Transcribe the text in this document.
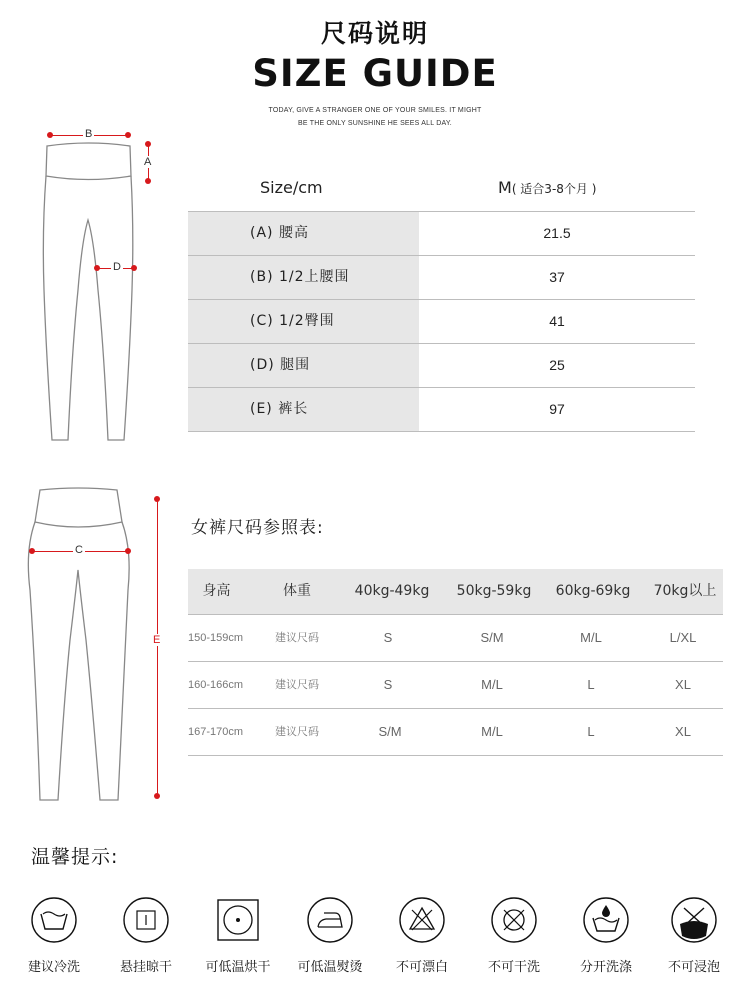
尺码说明
SIZE GUIDE
TODAY, GIVE A STRANGER ONE OF YOUR SMILES. IT MIGHT
BE THE ONLY SUNSHINE HE SEES ALL DAY.
B
A
D
Size/cm	M( 适合3-8个月 )
(A) 腰高	21.5
(B) 1/2上腰围	37
(C) 1/2臀围	41
(D) 腿围	25
(E) 裤长	97
C
E
女裤尺码参照表:
身高	体重	40kg-49kg	50kg-59kg	60kg-69kg	70kg以上
150-159cm	建议尺码	S	S/M	M/L	L/XL
160-166cm	建议尺码	S	M/L	L	XL
167-170cm	建议尺码	S/M	M/L	L	XL
温馨提示:
建议冷洗	悬挂晾干	可低温烘干	可低温熨烫	不可漂白	不可干洗	分开洗涤	不可浸泡
